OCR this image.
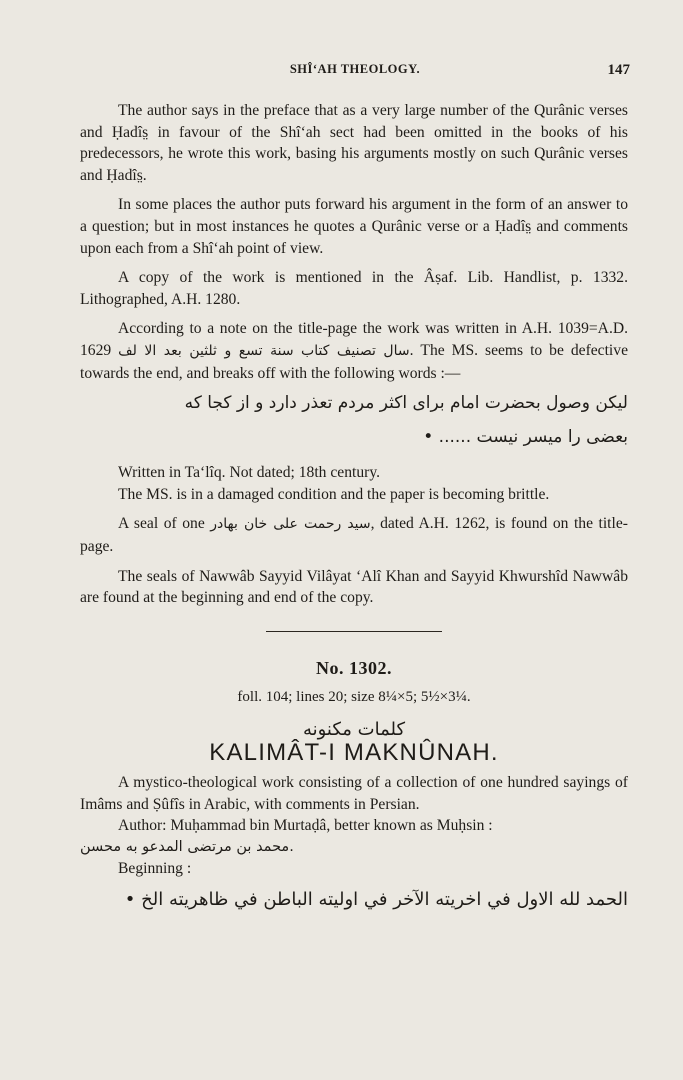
SHÎ‘AH THEOLOGY.	147

The author says in the preface that as a very large number of the Qurânic verses and Ḥadîs̤ in favour of the Shî‘ah sect had been omitted in the books of his predecessors, he wrote this work, basing his arguments mostly on such Qurânic verses and Ḥadîs̤.

In some places the author puts forward his argument in the form of an answer to a question; but in most instances he quotes a Qurânic verse or a Ḥadîs̤ and comments upon each from a Shî‘ah point of view.

A copy of the work is mentioned in the Âṣaf. Lib. Handlist, p. 1332. Lithographed, A.H. 1280.

According to a note on the title-page the work was written in A.H. 1039=A.D. 1629 سال تصنیف کتاب سنة تسع و ثلثین بعد الا لف. The MS. seems to be defective towards the end, and breaks off with the following words :—

لیکن وصول بحضرت امام برای اکثر مردم تعذر دارد و از کجا که

بعضی را میسر نیست ...... •

Written in Ta‘lîq. Not dated; 18th century.

The MS. is in a damaged condition and the paper is becoming brittle.

A seal of one سید رحمت علی خان بهادر, dated A.H. 1262, is found on the title-page.

The seals of Nawwâb Sayyid Vilâyat ‘Alî Khan and Sayyid Khwurshîd Nawwâb are found at the beginning and end of the copy.

No. 1302.

foll. 104; lines 20; size 8¼×5; 5½×3¼.

کلمات مکنونه

KALIMÂT-I MAKNÛNAH.

A mystico-theological work consisting of a collection of one hundred sayings of Imâms and Ṣûfîs in Arabic, with comments in Persian.

Author: Muḥammad bin Murtaḍâ, better known as Muḥsin :

.محمد بن مرتضی المدعو به محسن

Beginning :

الحمد لله الاول في اخريته الآخر في اوليته الباطن في ظاهريته الخ •
